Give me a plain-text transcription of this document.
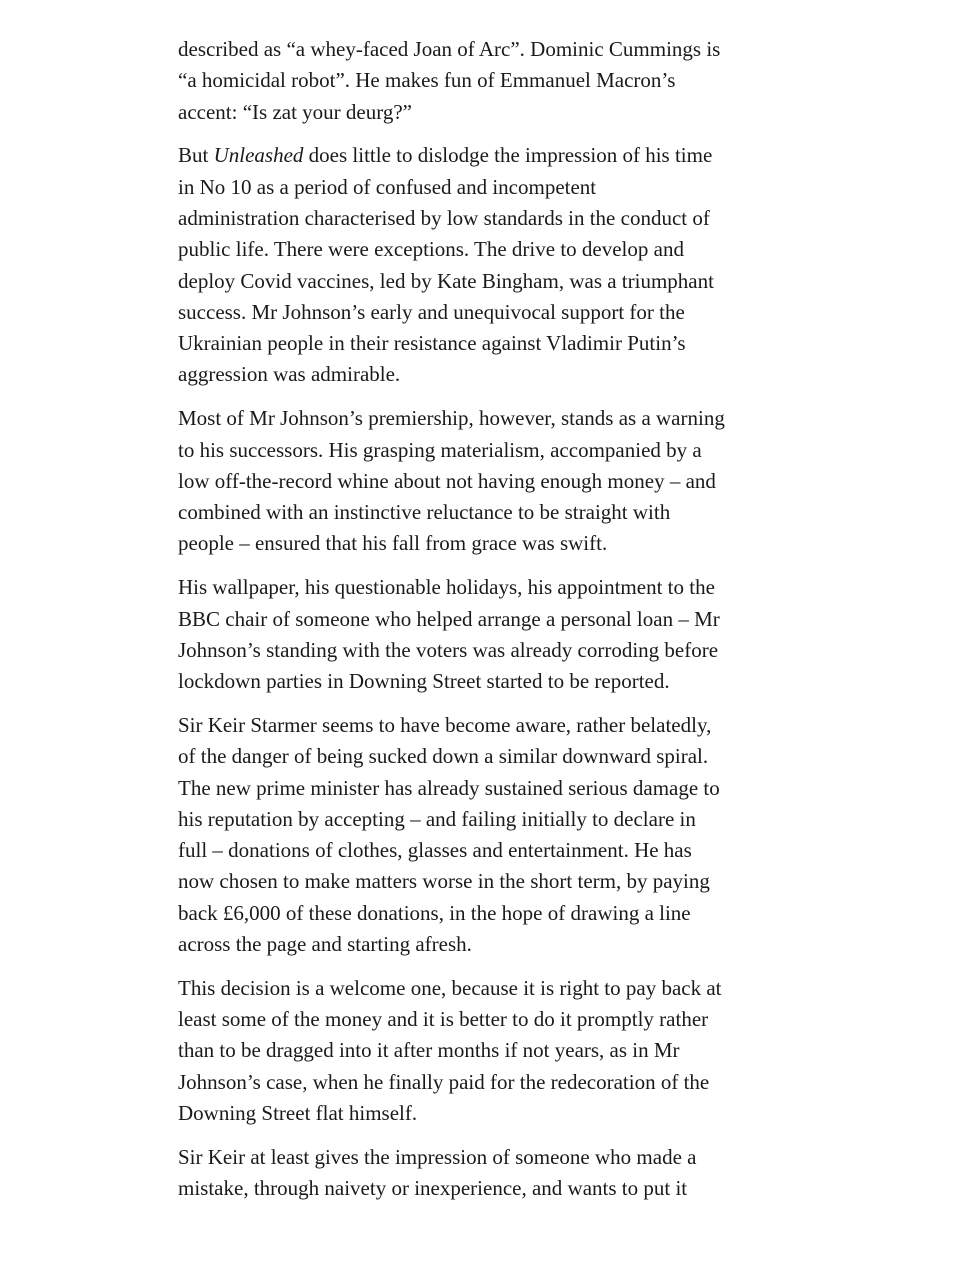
described as “a whey-faced Joan of Arc”. Dominic Cummings is
“a homicidal robot”. He makes fun of Emmanuel Macron’s
accent: “Is zat your deurg?”

But Unleashed does little to dislodge the impression of his time
in No 10 as a period of confused and incompetent
administration characterised by low standards in the conduct of
public life. There were exceptions. The drive to develop and
deploy Covid vaccines, led by Kate Bingham, was a triumphant
success. Mr Johnson’s early and unequivocal support for the
Ukrainian people in their resistance against Vladimir Putin’s
aggression was admirable.

Most of Mr Johnson’s premiership, however, stands as a warning
to his successors. His grasping materialism, accompanied by a
low off-the-record whine about not having enough money – and
combined with an instinctive reluctance to be straight with
people – ensured that his fall from grace was swift.

His wallpaper, his questionable holidays, his appointment to the
BBC chair of someone who helped arrange a personal loan – Mr
Johnson’s standing with the voters was already corroding before
lockdown parties in Downing Street started to be reported.

Sir Keir Starmer seems to have become aware, rather belatedly,
of the danger of being sucked down a similar downward spiral.
The new prime minister has already sustained serious damage to
his reputation by accepting – and failing initially to declare in
full – donations of clothes, glasses and entertainment. He has
now chosen to make matters worse in the short term, by paying
back £6,000 of these donations, in the hope of drawing a line
across the page and starting afresh.

This decision is a welcome one, because it is right to pay back at
least some of the money and it is better to do it promptly rather
than to be dragged into it after months if not years, as in Mr
Johnson’s case, when he finally paid for the redecoration of the
Downing Street flat himself.

Sir Keir at least gives the impression of someone who made a
mistake, through naivety or inexperience, and wants to put it
